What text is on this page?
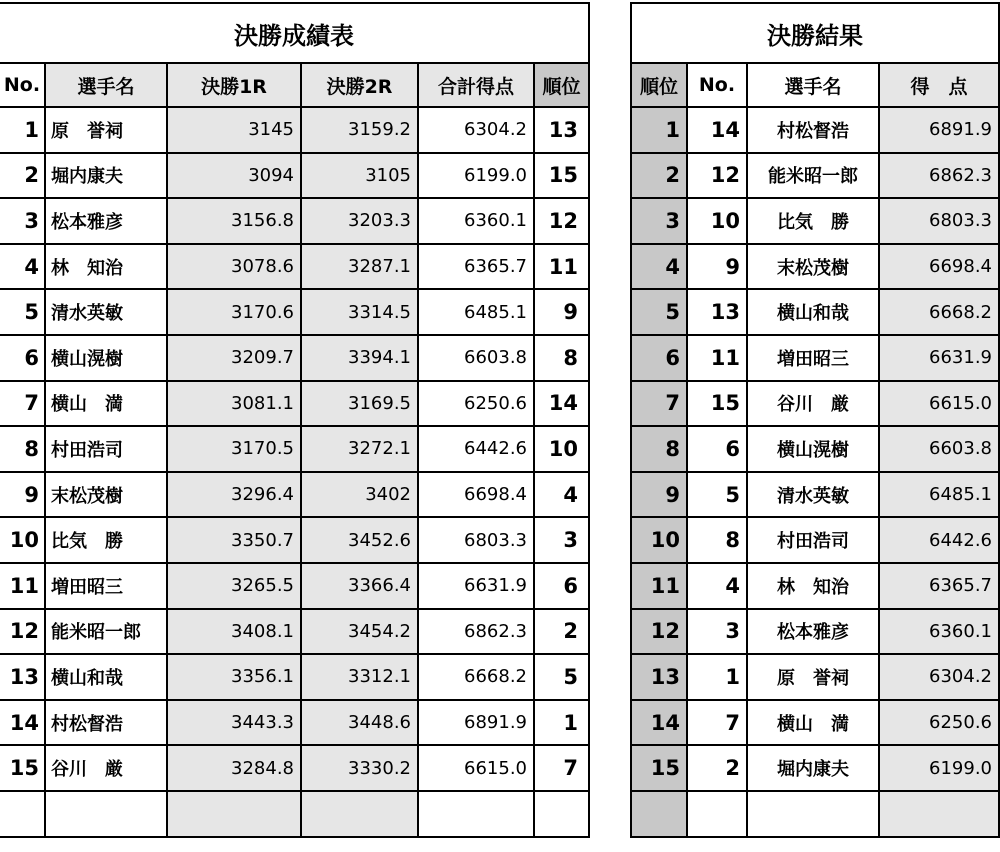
決勝成績表					
No.	選手名	決勝1R	決勝2R	合計得点	順位
1	原　誉祠	3145	3159.2	6304.2	13
2	堀内康夫	3094	3105	6199.0	15
3	松本雅彦	3156.8	3203.3	6360.1	12
4	林　知治	3078.6	3287.1	6365.7	11
5	清水英敏	3170.6	3314.5	6485.1	9
6	横山滉樹	3209.7	3394.1	6603.8	8
7	横山　満	3081.1	3169.5	6250.6	14
8	村田浩司	3170.5	3272.1	6442.6	10
9	末松茂樹	3296.4	3402	6698.4	4
10	比気　勝	3350.7	3452.6	6803.3	3
11	増田昭三	3265.5	3366.4	6631.9	6
12	能米昭一郎	3408.1	3454.2	6862.3	2
13	横山和哉	3356.1	3312.1	6668.2	5
14	村松督浩	3443.3	3448.6	6891.9	1
15	谷川　厳	3284.8	3330.2	6615.0	7

決勝結果			
順位	No.	選手名	得　点
1	14	村松督浩	6891.9
2	12	能米昭一郎	6862.3
3	10	比気　勝	6803.3
4	9	末松茂樹	6698.4
5	13	横山和哉	6668.2
6	11	増田昭三	6631.9
7	15	谷川　厳	6615.0
8	6	横山滉樹	6603.8
9	5	清水英敏	6485.1
10	8	村田浩司	6442.6
11	4	林　知治	6365.7
12	3	松本雅彦	6360.1
13	1	原　誉祠	6304.2
14	7	横山　満	6250.6
15	2	堀内康夫	6199.0
